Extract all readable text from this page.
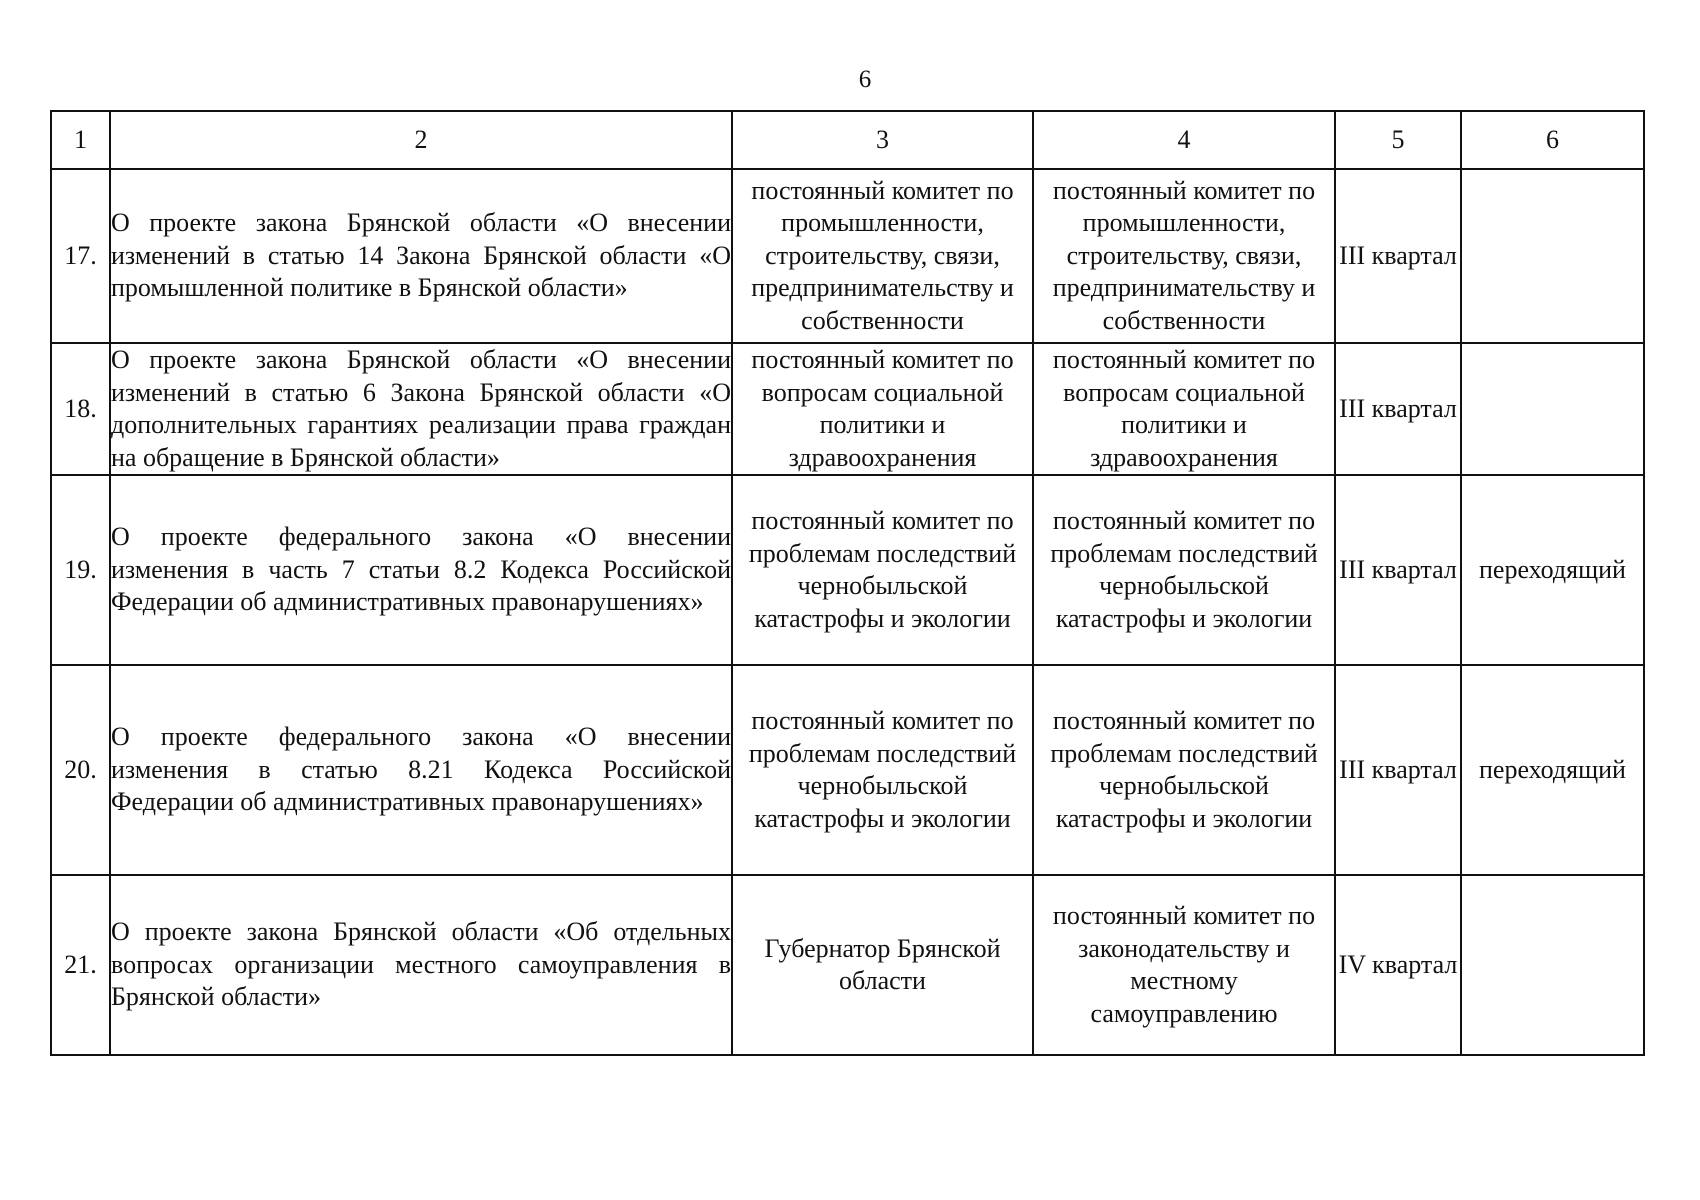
6
1	2	3	4	5	6
17.	О проекте закона Брянской области «О внесении изменений в статью 14 Закона Брянской области «О промышленной политике в Брянской области»	постоянный комитет по промышленности, строительству, связи, предпринимательству и собственности	постоянный комитет по промышленности, строительству, связи, предпринимательству и собственности	III квартал	
18.	О проекте закона Брянской области «О внесении изменений в статью 6 Закона Брянской области «О дополнительных гарантиях реализации права граждан на обращение в Брянской области»	постоянный комитет по вопросам социальной политики и здравоохранения	постоянный комитет по вопросам социальной политики и здравоохранения	III квартал	
19.	О проекте федерального закона «О внесении изменения в часть 7 статьи 8.2 Кодекса Российской Федерации об административных правонарушениях»	постоянный комитет по проблемам последствий чернобыльской катастрофы и экологии	постоянный комитет по проблемам последствий чернобыльской катастрофы и экологии	III квартал	переходящий
20.	О проекте федерального закона «О внесении изменения в статью 8.21 Кодекса Российской Федерации об административных правонарушениях»	постоянный комитет по проблемам последствий чернобыльской катастрофы и экологии	постоянный комитет по проблемам последствий чернобыльской катастрофы и экологии	III квартал	переходящий
21.	О проекте закона Брянской области «Об отдельных вопросах организации местного самоуправления в Брянской области»	Губернатор Брянской области	постоянный комитет по законодательству и местному самоуправлению	IV квартал	
